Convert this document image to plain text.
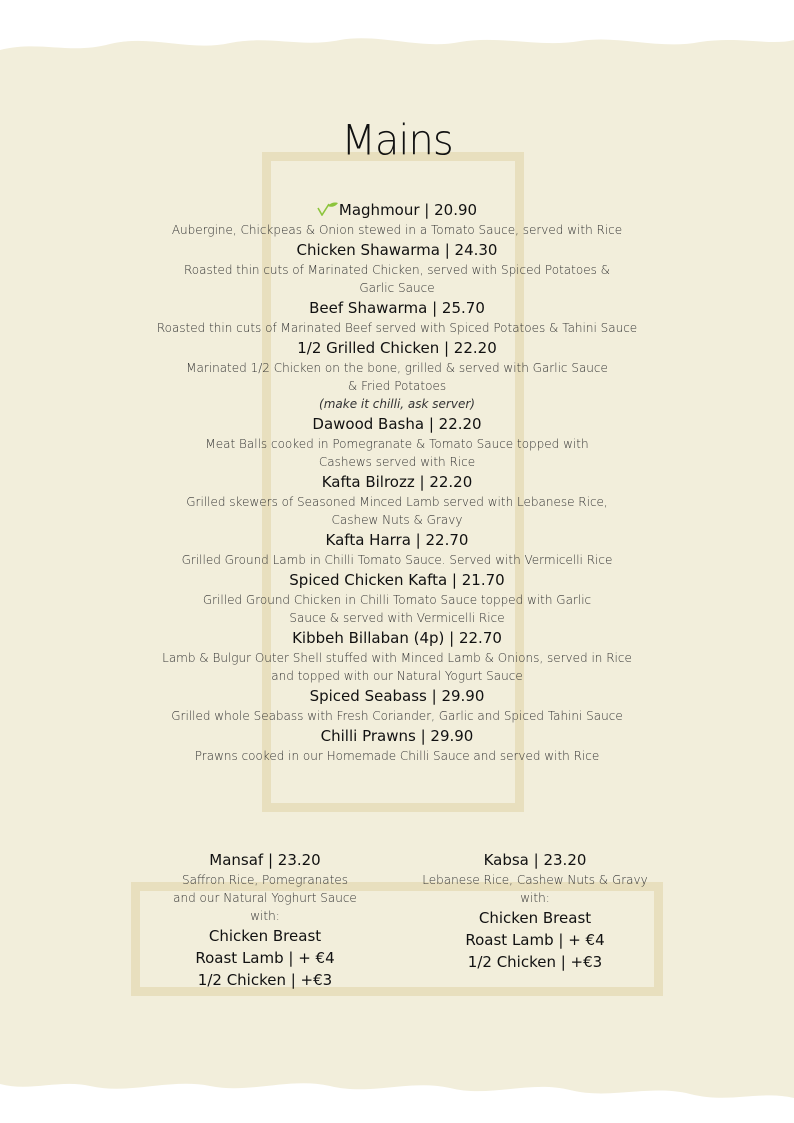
Mains
Maghmour | 20.90
Aubergine, Chickpeas & Onion stewed in a Tomato Sauce, served with Rice
Chicken Shawarma | 24.30
Roasted thin cuts of Marinated Chicken, served with Spiced Potatoes & Garlic Sauce
Beef Shawarma | 25.70
Roasted thin cuts of Marinated Beef served with Spiced Potatoes & Tahini Sauce
1/2 Grilled Chicken | 22.20
Marinated 1/2 Chicken on the bone, grilled & served with Garlic Sauce & Fried Potatoes
(make it chilli, ask server)
Dawood Basha | 22.20
Meat Balls cooked in Pomegranate & Tomato Sauce topped with Cashews served with Rice
Kafta Bilrozz | 22.20
Grilled skewers of Seasoned Minced Lamb served with Lebanese Rice, Cashew Nuts & Gravy
Kafta Harra | 22.70
Grilled Ground Lamb in Chilli Tomato Sauce. Served with Vermicelli Rice
Spiced Chicken Kafta | 21.70
Grilled Ground Chicken in Chilli Tomato Sauce topped with Garlic Sauce & served with Vermicelli Rice
Kibbeh Billaban (4p) | 22.70
Lamb & Bulgur Outer Shell stuffed with Minced Lamb & Onions, served in Rice and topped with our Natural Yogurt Sauce
Spiced Seabass | 29.90
Grilled whole Seabass with Fresh Coriander, Garlic and Spiced Tahini Sauce
Chilli Prawns | 29.90
Prawns cooked in our Homemade Chilli Sauce and served with Rice
Mansaf | 23.20
Saffron Rice, Pomegranates and our Natural Yoghurt Sauce with:
Chicken Breast
Roast Lamb | + €4
1/2 Chicken | +€3
Kabsa | 23.20
Lebanese Rice, Cashew Nuts & Gravy with:
Chicken Breast
Roast Lamb | + €4
1/2 Chicken | +€3
